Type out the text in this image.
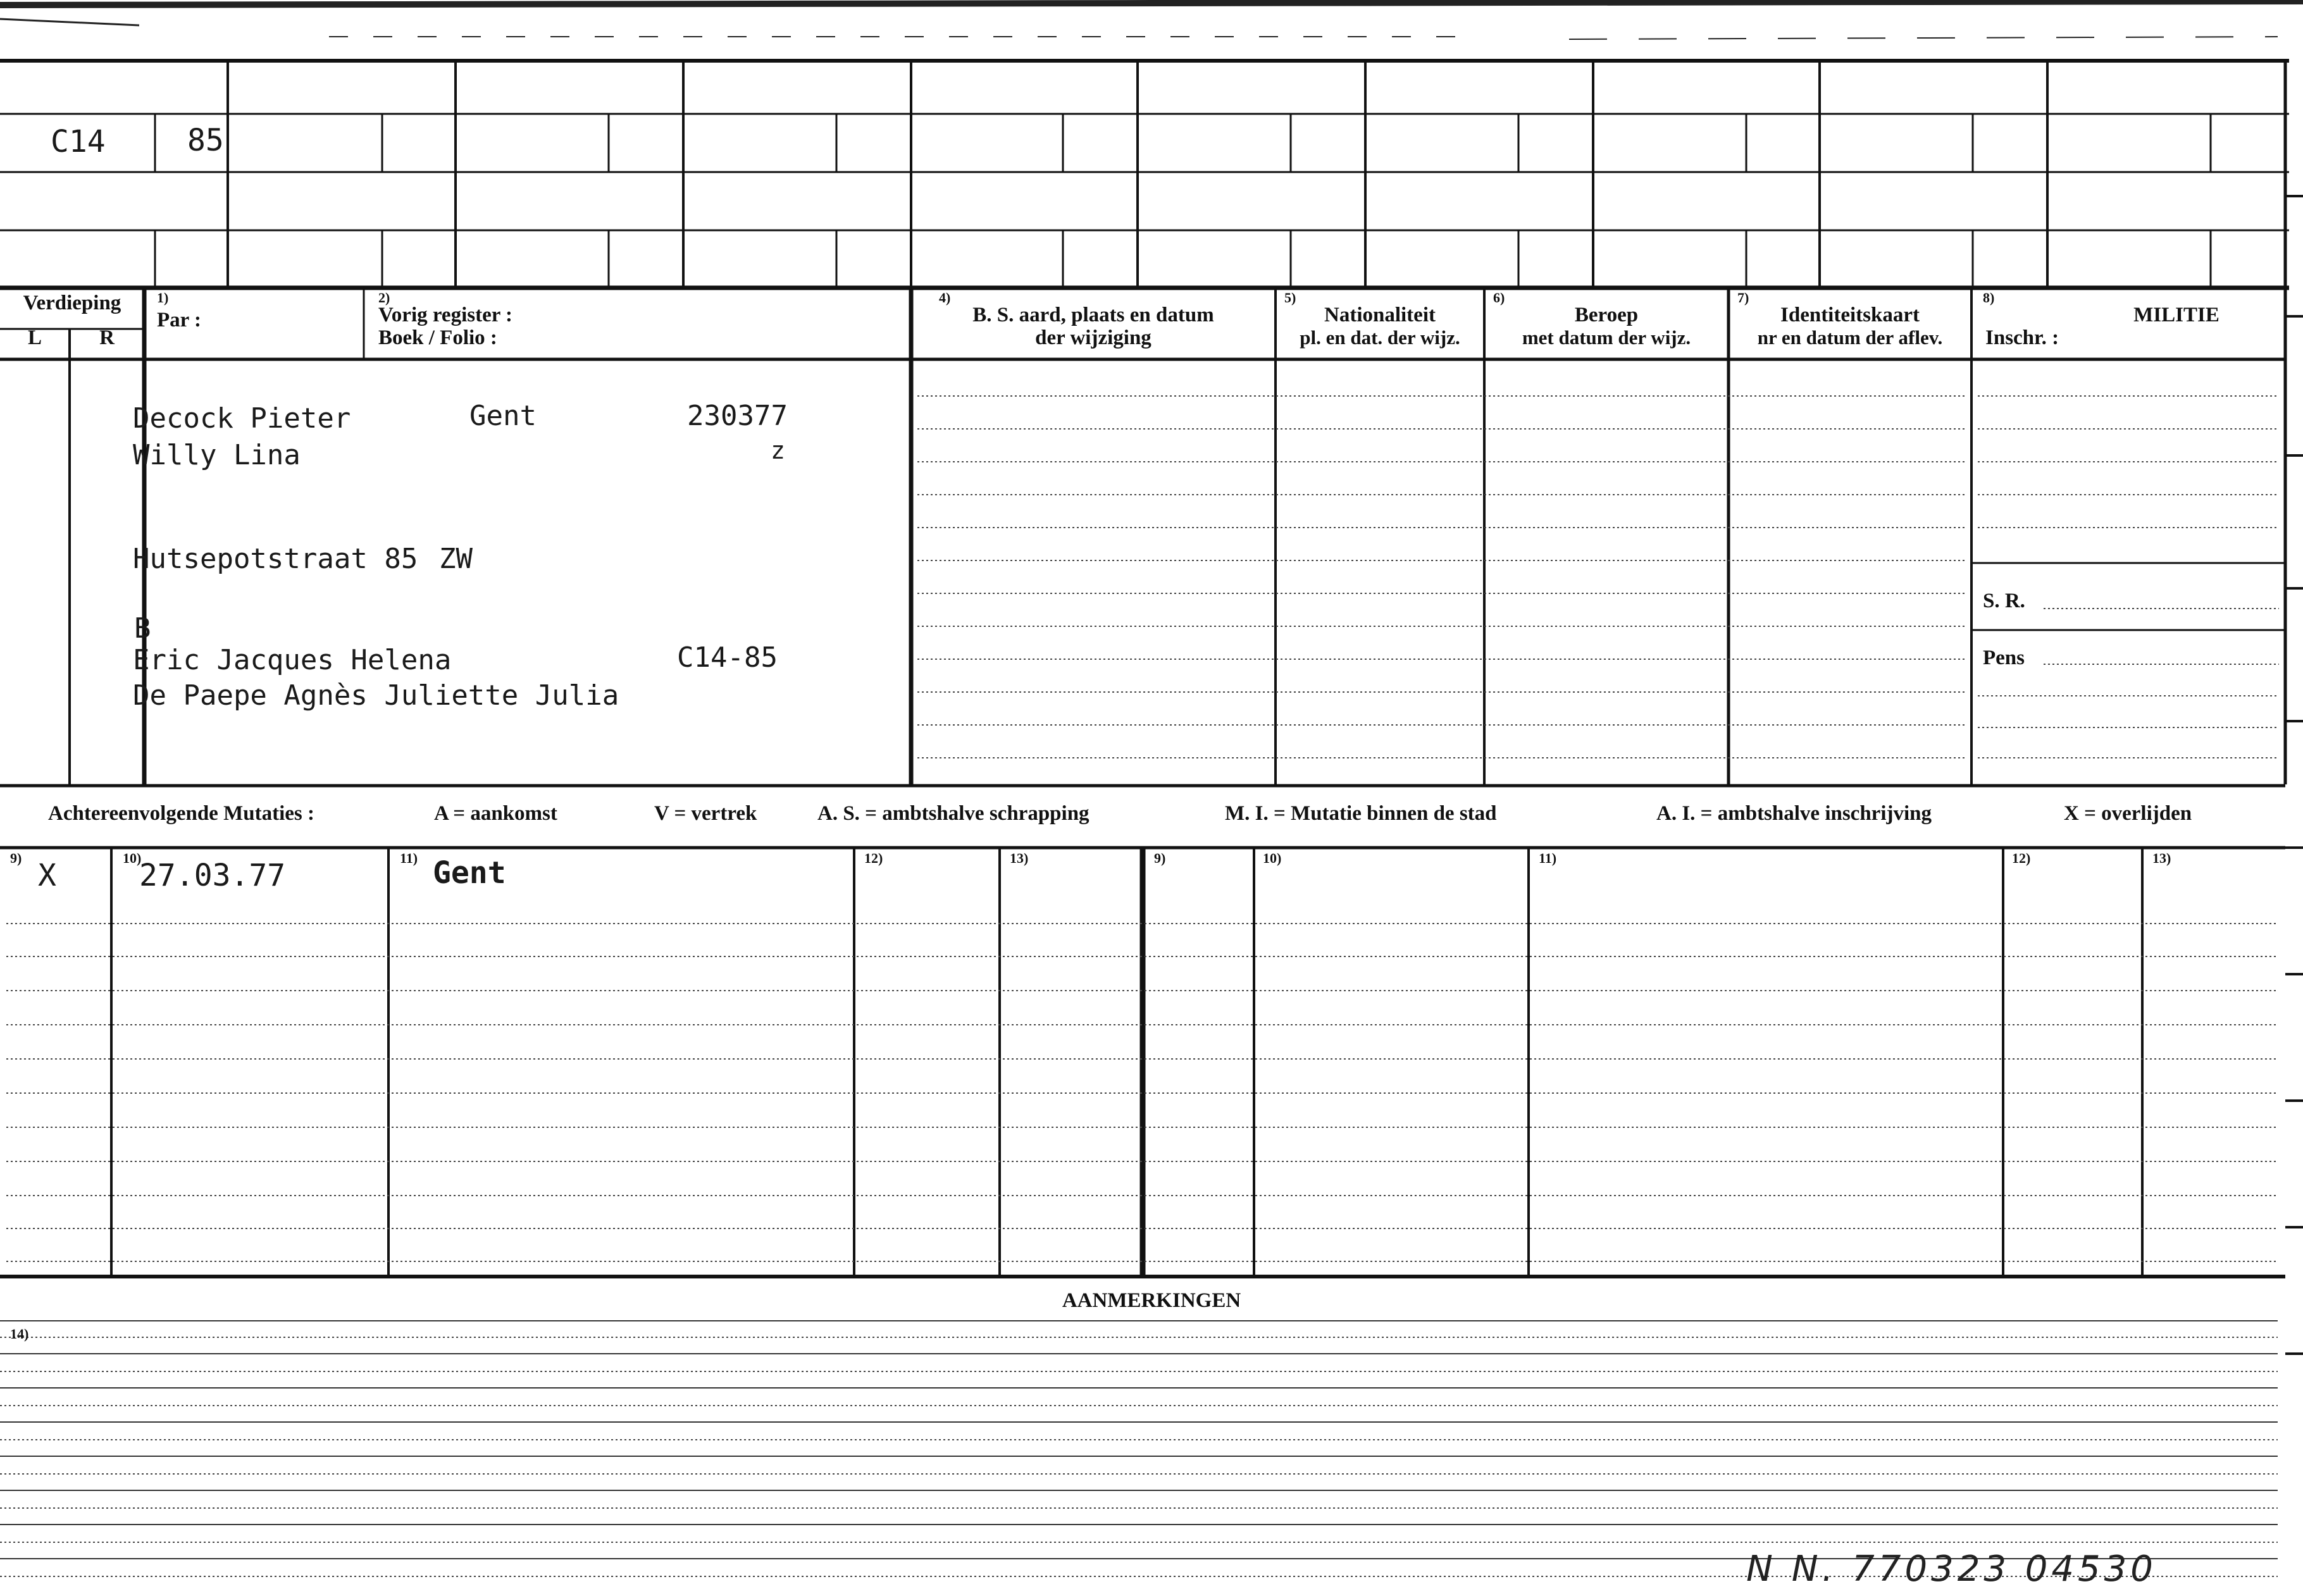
C14	85
Verdieping
L	R
1)
Par :
2)
Vorig register :
Boek / Folio :
4)
B. S. aard, plaats en datum
der wijziging
5)
Nationaliteit
pl. en dat. der wijz.
6)
Beroep
met datum der wijz.
7)
Identiteitskaart
nr en datum der aflev.
8)
MILITIE
Inschr. :
S. R.
Pens
Decock Pieter	Gent	230377
Willy Lina	z
Hutsepotstraat 85 ZW
B
Eric Jacques Helena	C14-85
De Paepe Agnès Juliette Julia
Achtereenvolgende Mutaties :	A = aankomst	V = vertrek	A. S. = ambtshalve schrapping	M. I. = Mutatie binnen de stad	A. I. = ambtshalve inschrijving	X = overlijden
9)	10)	11)	12)	13)	9)	10)	11)	12)	13)
X	27.03.77	Gent
AANMERKINGEN
14)
N N. 770323 04530
